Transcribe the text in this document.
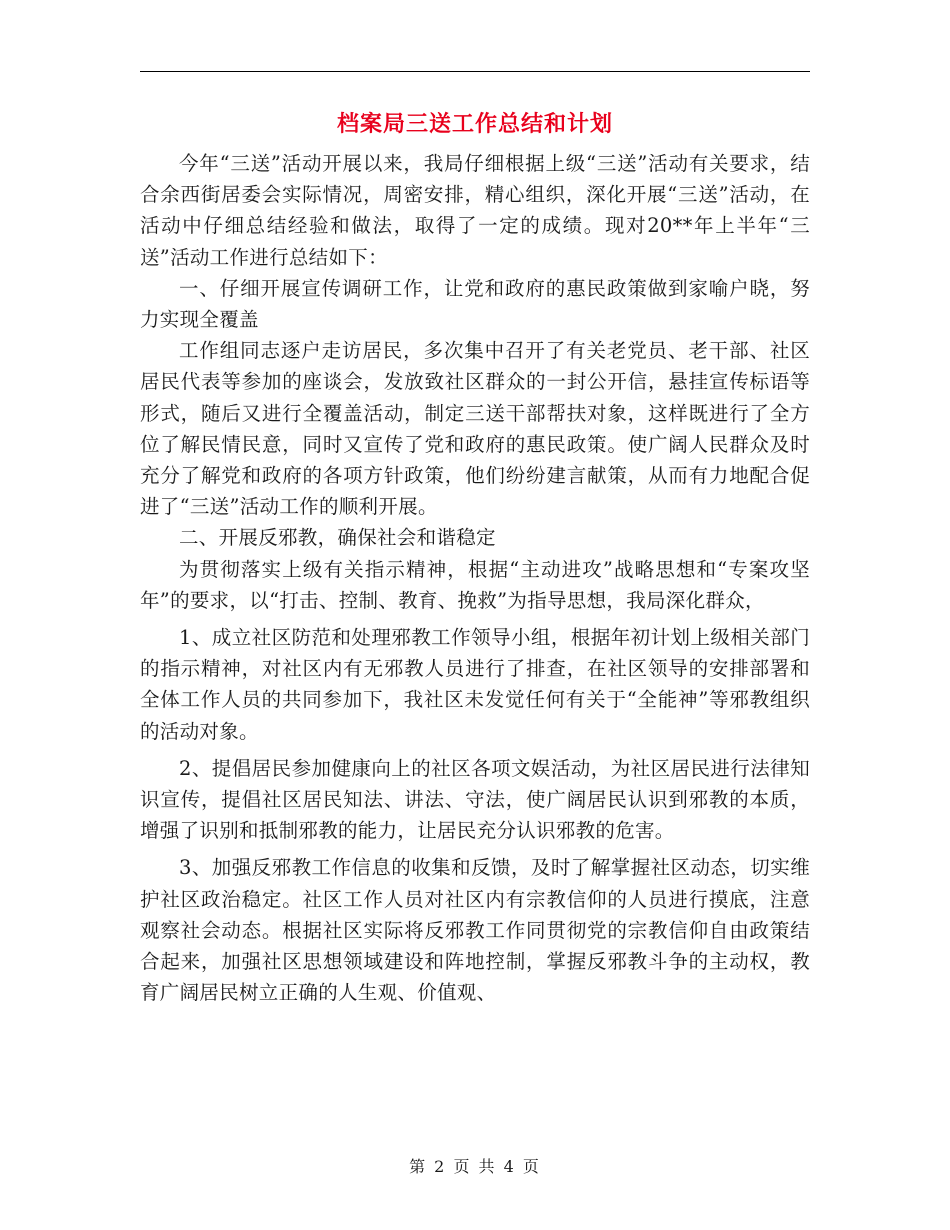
档案局三送工作总结和计划

今年“三送”活动开展以来，我局仔细根据上级“三送”活动有关要求，结合余西街居委会实际情况，周密安排，精心组织，深化开展“三送”活动，在活动中仔细总结经验和做法，取得了一定的成绩。现对20**年上半年“三送”活动工作进行总结如下：

一、仔细开展宣传调研工作，让党和政府的惠民政策做到家喻户晓，努力实现全覆盖

工作组同志逐户走访居民，多次集中召开了有关老党员、老干部、社区居民代表等参加的座谈会，发放致社区群众的一封公开信，悬挂宣传标语等形式，随后又进行全覆盖活动，制定三送干部帮扶对象，这样既进行了全方位了解民情民意，同时又宣传了党和政府的惠民政策。使广阔人民群众及时充分了解党和政府的各项方针政策，他们纷纷建言献策，从而有力地配合促进了“三送”活动工作的顺利开展。

二、开展反邪教，确保社会和谐稳定

为贯彻落实上级有关指示精神，根据“主动进攻”战略思想和“专案攻坚年”的要求，以“打击、控制、教育、挽救”为指导思想，我局深化群众，

1、成立社区防范和处理邪教工作领导小组，根据年初计划上级相关部门的指示精神，对社区内有无邪教人员进行了排查，在社区领导的安排部署和全体工作人员的共同参加下，我社区未发觉任何有关于“全能神”等邪教组织的活动对象。

2、提倡居民参加健康向上的社区各项文娱活动，为社区居民进行法律知识宣传，提倡社区居民知法、讲法、守法，使广阔居民认识到邪教的本质，增强了识别和抵制邪教的能力，让居民充分认识邪教的危害。

3、加强反邪教工作信息的收集和反馈，及时了解掌握社区动态，切实维护社区政治稳定。社区工作人员对社区内有宗教信仰的人员进行摸底，注意观察社会动态。根据社区实际将反邪教工作同贯彻党的宗教信仰自由政策结合起来，加强社区思想领域建设和阵地控制，掌握反邪教斗争的主动权，教育广阔居民树立正确的人生观、价值观、

第 2 页 共 4 页
